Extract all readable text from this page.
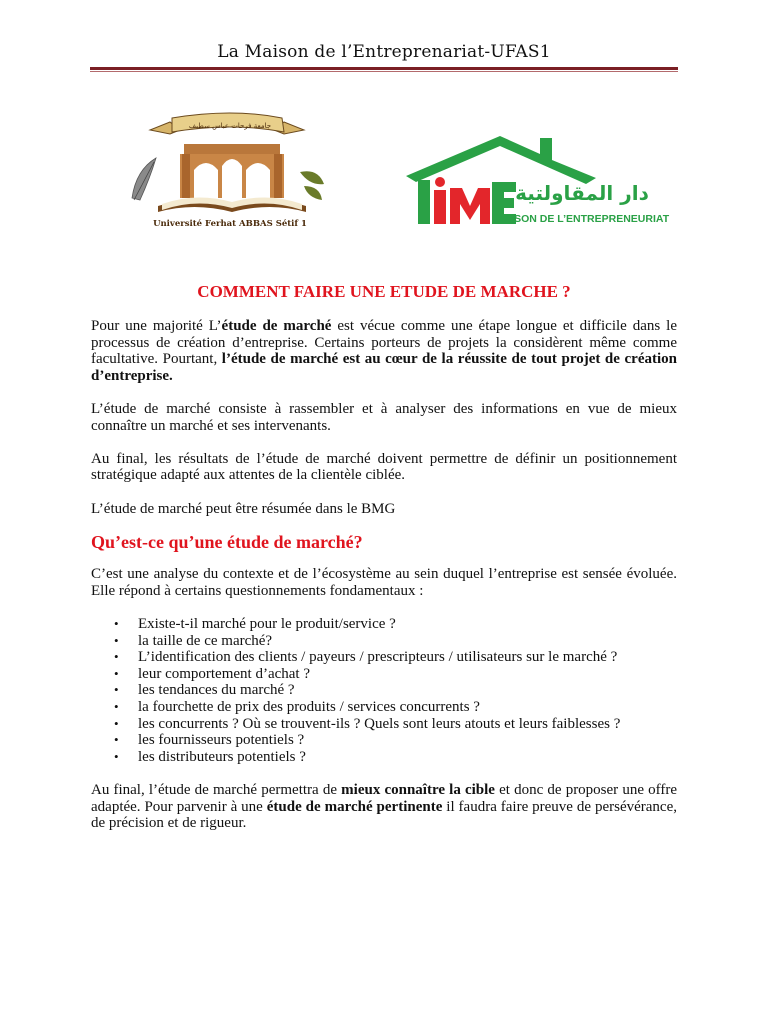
La Maison de l’Entreprenariat-UFAS1
جامعة فرحات عباس سطيف
Université Ferhat ABBAS Sétif 1
دار المقاولتية
MAISON DE L’ENTREPRENEURIAT
COMMENT FAIRE UNE ETUDE DE MARCHE ?

Pour une majorité L’étude de marché est vécue comme une étape longue et difficile dans le processus de création d’entreprise. Certains porteurs de projets la considèrent même comme facultative. Pourtant, l’étude de marché est au cœur de la réussite de tout projet de création d’entreprise.

L’étude de marché consiste à rassembler et à analyser des informations en vue de mieux connaître un marché et ses intervenants.

Au final, les résultats de l’étude de marché doivent permettre de définir un positionnement stratégique adapté aux attentes de la clientèle ciblée.

L’étude de marché peut être résumée dans le BMG

Qu’est-ce qu’une étude de marché?

C’est une analyse du contexte et de l’écosystème au sein duquel l’entreprise est sensée évoluée. Elle répond à certains questionnements fondamentaux :

• Existe-t-il marché pour le produit/service ?
• la taille de ce marché?
• L’identification des clients / payeurs / prescripteurs / utilisateurs sur le marché ?
• leur comportement d’achat ?
• les tendances du marché ?
• la fourchette de prix des produits / services concurrents ?
• les concurrents ? Où se trouvent-ils ? Quels sont leurs atouts et leurs faiblesses ?
• les fournisseurs potentiels ?
• les distributeurs potentiels ?

Au final, l’étude de marché permettra de mieux connaître la cible et donc de proposer une offre adaptée. Pour parvenir à une étude de marché pertinente il faudra faire preuve de persévérance, de précision et de rigueur.
